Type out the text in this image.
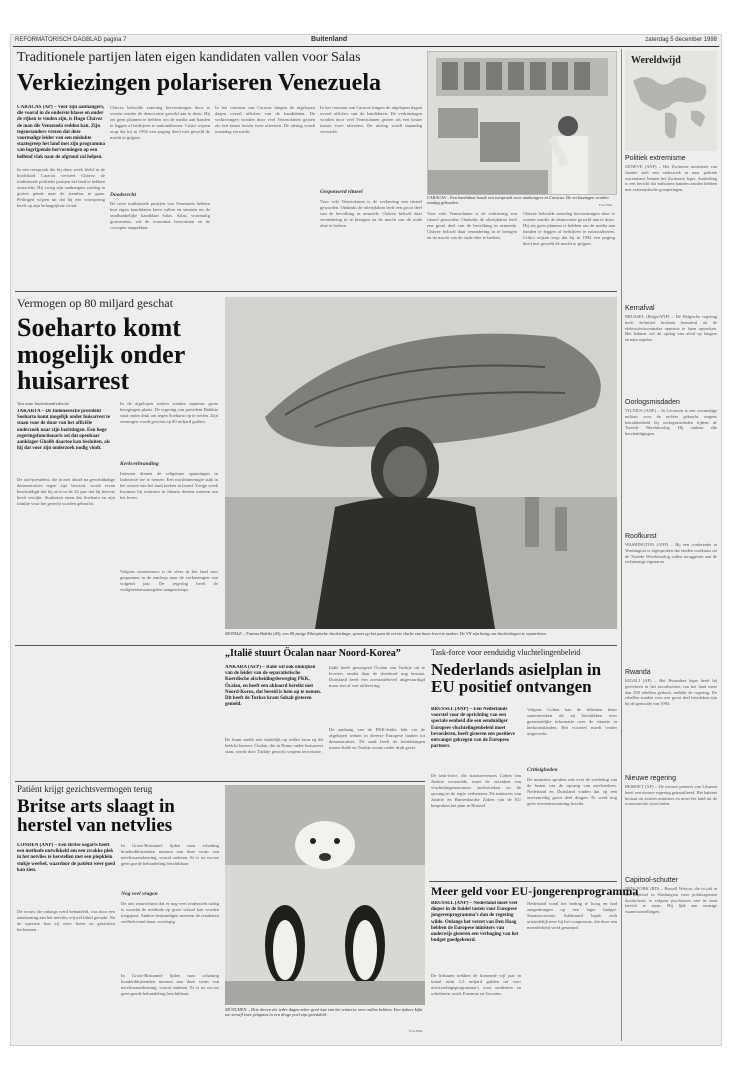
REFORMATORISCH DAGBLAD pagina 7	Buitenland	zaterdag 5 december 1998
Traditionele partijen laten eigen kandidaten vallen voor Salas
Verkiezingen polariseren Venezuela
CARACAS (AP) – Voor zijn aanhangers, die vooral in de onderste klasse en onder de rijken te vinden zijn, is Hugo Chávez de man die Venezuela redden kan. Zijn tegenstanders vrezen dat deze voormalige leider van een mislukte staatsgreep het land met zijn programma van ingrijpende hervormingen op een hellend vlak naar de afgrond zal helpen.
In een toespraak die hij deze week hield in de hoofdstad Caracas verweet Chávez de traditionele politieke partijen het land te hebben ontwricht. Hij vroeg zijn aanhangers zondag in groten getale naar de stembus te gaan. Peilingen wijzen uit dat hij een voorsprong heeft op zijn belangrijkste rivaal.
Chávez beloofde zaterdag hervormingen door te voeren zonder de democratie geweld aan te doen. Hij zei geen plannen te hebben om de media aan banden te leggen of bedrijven te nationaliseren. Critici wijzen erop dat hij in 1992 een poging deed met geweld de macht te grijpen.
Doodsrecht
De twee traditionele partijen van Venezuela hebben hun eigen kandidaten laten vallen en steunen nu de onafhankelijke kandidaat Salas. Salas, voormalig gouverneur, wil de economie hervormen en de corruptie aanpakken.
In het centrum van Caracas hingen de afgelopen dagen overal affiches van de kandidaten. De verkiezingen worden door veel Venezolanen gezien als een keuze tussen twee uitersten. De uitslag wordt maandag verwacht.
In het centrum van Caracas hingen de afgelopen dagen overal affiches van de kandidaten. De verkiezingen worden door veel Venezolanen gezien als een keuze tussen twee uitersten. De uitslag wordt maandag verwacht.
Gesponserd ritueel
Voor vele Venezolanen is de verkiezing een ritueel geworden. Ondanks de olierijkdom leeft een groot deel van de bevolking in armoede. Chávez belooft daar verandering in te brengen en de macht van de oude elite te breken.
CARACAS – Een kandidaat houdt een toespraak voor aanhangers in Caracas. De verkiezingen worden zondag gehouden.	Foto EPA
Voor vele Venezolanen is de verkiezing een ritueel geworden. Ondanks de olierijkdom leeft een groot deel van de bevolking in armoede. Chávez belooft daar verandering in te brengen en de macht van de oude elite te breken.
Chávez beloofde zaterdag hervormingen door te voeren zonder de democratie geweld aan te doen. Hij zei geen plannen te hebben om de media aan banden te leggen of bedrijven te nationaliseren. Critici wijzen erop dat hij in 1992 een poging deed met geweld de macht te grijpen.
Wereldwijd
Politiek extremisme
GENEVE (ANP) – Het Zwitserse ministerie van Justitie stelt een onderzoek in naar politiek extremisme binnen het Zwitserse leger. Aanleiding is een bericht dat militairen banden zouden hebben met extremistische groeperingen.
Kernafval
BRUSSEL (Belga/ANP) – De Belgische regering heeft definitief besloten kernafval uit de elektriciteitscentrales opnieuw te laten opwerken. Het kabinet wil de opslag van afval op langere termijn regelen.
Oorlogsmisdaden
VILNIUS (ANP) – In Litouwen is een voormalige militair voor de rechter gebracht wegens betrokkenheid bij oorlogsmisdaden tijdens de Tweede Wereldoorlog. Hij ontkent alle beschuldigingen.
Roofkunst
WASHINGTON (ANP) – Bij een conferentie in Washington is afgesproken dat landen roofkunst uit de Tweede Wereldoorlog zullen teruggeven aan de rechtmatige eigenaren.
Rwanda
KIGALI (AP) – Het Rwandese leger heeft bij gevechten in het noordwesten van het land meer dan 250 rebellen gedood, meldde de regering. De rebellen zouden voor een groot deel betrokken zijn bij de genocide van 1994.
Nieuwe regering
BEIROET (AP) – De nieuwe premier van Libanon heeft een nieuwe regering geïnstalleerd. Het kabinet bestaat uit zestien ministers en moet het land uit de economische crisis halen.
Capitool-schutter
NEW YORK (RD) – Russell Weston, die in juli in het Capitool in Washington twee politieagenten doodschoot, is volgens psychiaters niet in staat terecht te staan. Hij lijdt aan ernstige waanvoorstellingen.
Vermogen op 80 miljard geschat
Soeharto komt mogelijk onder huisarrest
Van onze buitenlandredactie
JAKARTA – De Indonesische president Soeharto komt mogelijk onder huisarrest te staan voor de duur van het officiële onderzoek naar zijn bezittingen. Een hoge regeringsfunctionaris zei dat openbaar aanklager Ghalib daartoe kan besluiten, als hij dat voor zijn onderzoek nodig vindt.
De oud-president, die in mei aftrad na gewelddadige demonstraties tegen zijn bewind, wordt ervan beschuldigd dat hij zich in de 32 jaar dat hij heerste heeft verrijkt. Studenten eisen dat Soeharto en zijn familie voor het gerecht worden gebracht.
In de afgelopen weken vonden opnieuw grote betogingen plaats. De regering van president Habibie staat onder druk om tegen Soeharto op te treden. Zijn vermogen wordt geschat op 80 miljard gulden.
Kerkverbranding
Intussen dienen de religieuze spanningen in Indonesië toe te nemen. Een moslimmenigte stak in het oosten van het land kerken in brand. Vorige week kwamen bij onlusten in Jakarta dertien mensen om het leven.
Volgens waarnemers is de sfeer in het land zeer gespannen in de aanloop naar de verkiezingen van volgend jaar. De regering heeft de veiligheidsmaatregelen aangescherpt.
MOYALE – Fatima Habiki (40), een 80-jarige Ethiopische vluchtelinge, sjouwt op het punt de eerste vlucht van haar leven te maken. De VN zijn bezig om vluchtelingen te repatriëren.
„Italië stuurt Öcalan naar Noord-Korea”
ANKARA (AFP) – Italië wil ook omkijken van de leider van de separatistische Koerdische afscheidingsbeweging PKK, Öcalan, en heeft een akkoord bereikt met Noord-Korea, dat bereid is hem op te nemen. Dit heeft de Turkse krant Sabah gisteren gemeld.
De krant meldt niet duidelijk op welke bron zij dit bericht baseert. Öcalan, die in Rome onder huisarrest staat, wordt door Turkije gezocht wegens terrorisme.
Italië heeft geweigerd Öcalan aan Turkije uit te leveren, omdat daar de doodstraf nog bestaat. Duitsland heeft een arrestatiebevel uitgevaardigd maar ziet af van uitlevering.
De aanhang van de PKK-leider lekt via de afgelopen weken in diverse Europese landen tot demonstraties. De zaak heeft de betrekkingen tussen Italië en Turkije zwaar onder druk gezet.
Task-force voor eenduidig vluchtelingenbeleid
Nederlands asielplan in EU positief ontvangen
BRUSSEL (ANP) – Een Nederlands voorstel voor de oprichting van een speciale eenheid die een eenduidiger Europees vluchtelingenbeleid moet bevorderen, heeft gisteren een positieve ontvangst gekregen van de Europese partners.
De task-force, die staatssecretaris Cohen van Justitie voorstelde, moet de oorzaken van vluchtelingenstromen onderzoeken en de opvang in de regio verbeteren. De ministers van Justitie en Binnenlandse Zaken van de EU bespraken het plan in Brussel.
Volgens Cohen kan de lidstaten beter samenwerken als zij beschikken over gezamenlijke informatie over de situatie in herkomstlanden. Het voorstel wordt verder uitgewerkt.
Critisigheden
De ministers spraken ook over de verdeling van de lasten van de opvang van asielzoekers. Nederland en Duitsland vinden dat zij een onevenredig groot deel dragen. Er werd nog geen overeenstemming bereikt.
Patiënt krijgt gezichtsvermogen terug
Britse arts slaagt in herstel van netvlies
LONDEN (ANP) – Een Britse oogarts heeft een methode ontwikkeld om een zwakke plek in het netvlies te herstellen met een piepklein stukje weefsel, waardoor de patiënt weer goed kan zien.
De vrouw die onlangs werd behandeld, was door een aandoening aan het netvlies vrijwel blind geraakt. Na de operatie kon zij weer lezen en gezichten herkennen.
In Groot-Brittannië lijden naar schatting honderdduizenden mensen aan deze vorm van netvliesaandoening, vooral ouderen. Er is tot nu toe geen goede behandeling beschikbaar.
Nog veel vragen
De arts waarschuwt dat er nog veel onderzoek nodig is voordat de methode op grote schaal kan worden toegepast. Andere deskundigen noemen de resultaten veelbelovend maar voorlopig.
In Groot-Brittannië lijden naar schatting honderdduizenden mensen aan deze vorm van netvliesaandoening, vooral ouderen. Er is tot nu toe geen goede behandeling beschikbaar.
MÜNCHEN – Drie dieren die ieder dagen zeker geen last van het winterse weer zullen hebben. Een ijsbeer kijkt toe terwijl twee pinguïns in een droge poel zijn gereddeld.
Foto EPA
Meer geld voor EU-jongerenprogramma
BRUSSEL (ANP) – Nederland moet veel dieper in de buidel tasten voor Europese jongerenprogramma’s dan de regering wilde. Onlangs het verzet van Den Haag hebben de Europese ministers van onderwijs gisteren een verhoging van het budget goedgekeurd.
De lidstaten trekken de komende vijf jaar in totaal ruim 2,5 miljard gulden uit voor uitwisselingsprogramma’s voor studenten en scholieren, zoals Erasmus en Socrates.
Nederland vond het bedrag te hoog en had aangedrongen op een lager budget. Staatssecretaris Adelmund legde zich uiteindelijk neer bij het compromis, dat door een meerderheid werd gesteund.
